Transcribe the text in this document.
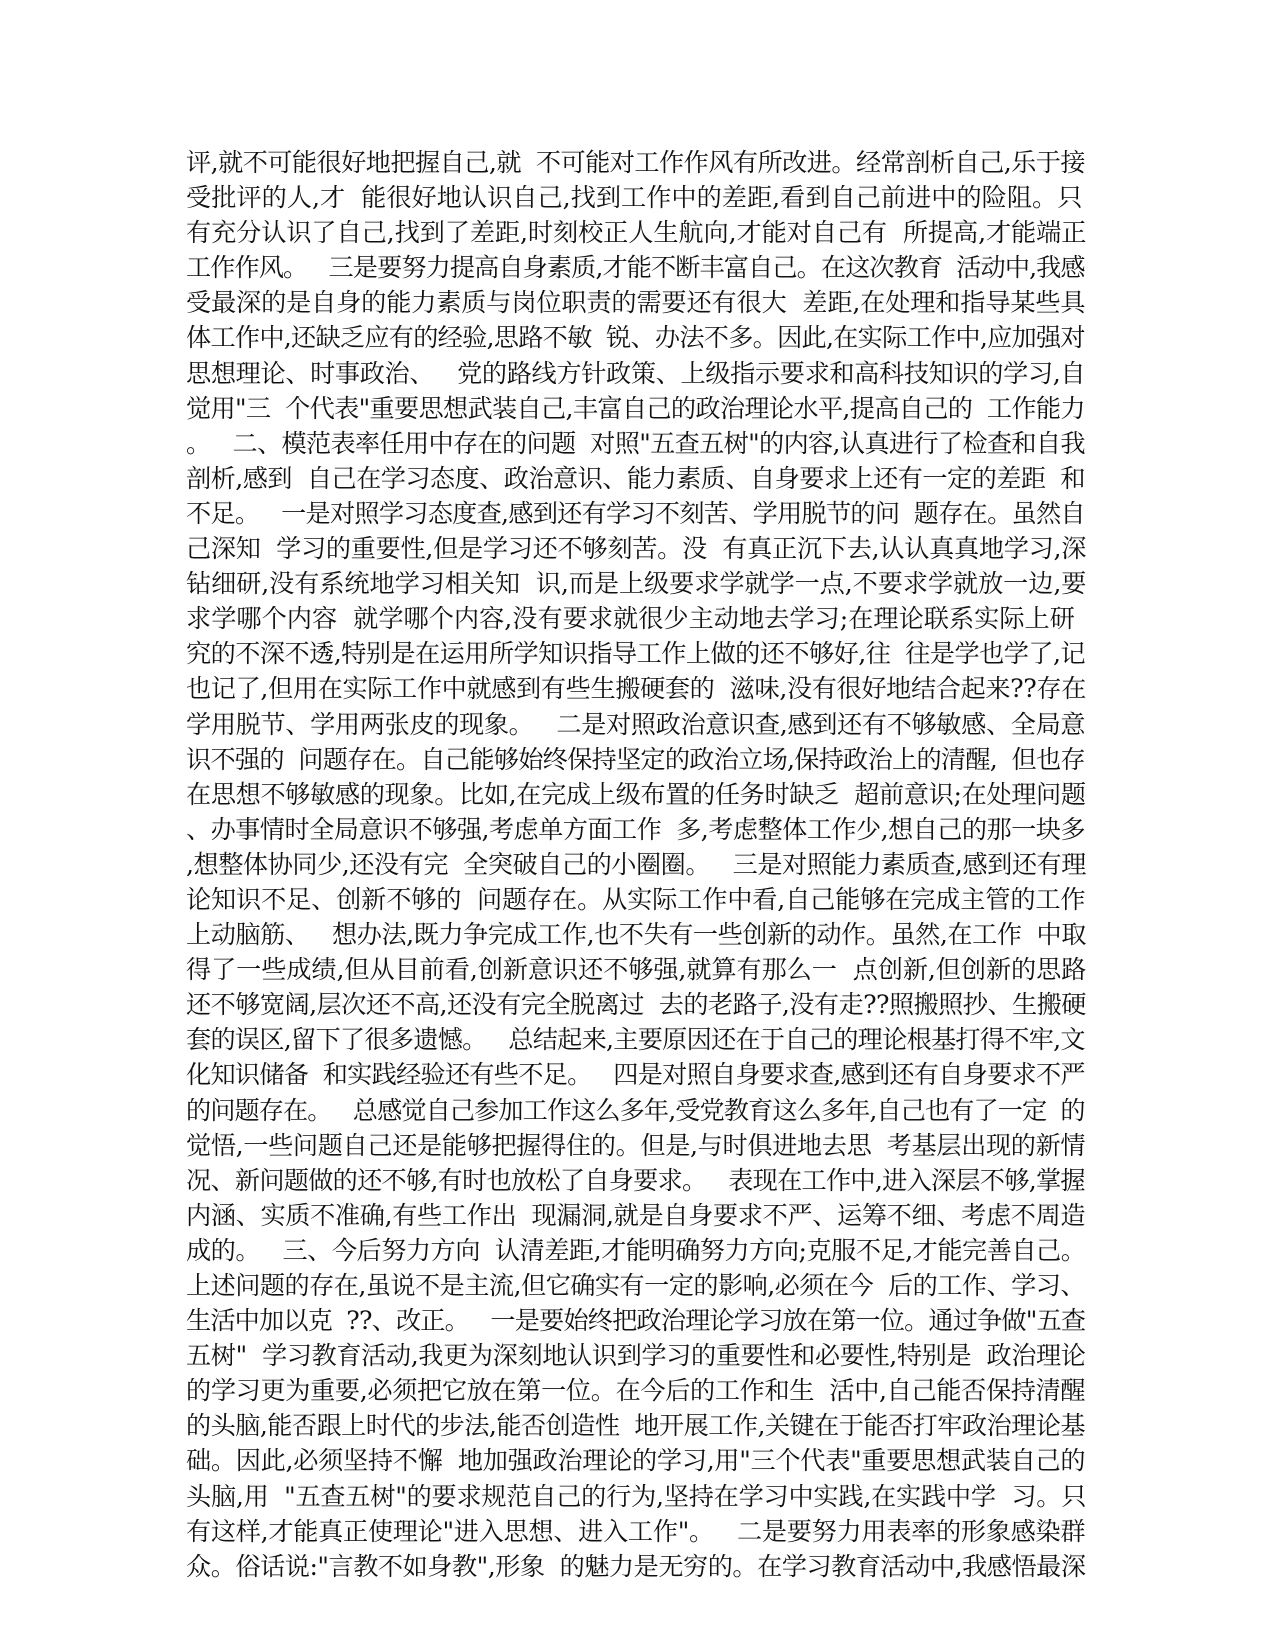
评,就不可能很好地把握自己,就  不可能对工作作风有所改进。经常剖析自己,乐于接
受批评的人,才  能很好地认识自己,找到工作中的差距,看到自己前进中的险阻。只
有充分认识了自己,找到了差距,时刻校正人生航向,才能对自己有  所提高,才能端正
工作作风。   三是要努力提高自身素质,才能不断丰富自己。在这次教育  活动中,我感
受最深的是自身的能力素质与岗位职责的需要还有很大  差距,在处理和指导某些具
体工作中,还缺乏应有的经验,思路不敏  锐、办法不多。因此,在实际工作中,应加强对
思想理论、时事政治、   党的路线方针政策、上级指示要求和高科技知识的学习,自
觉用"三  个代表"重要思想武装自己,丰富自己的政治理论水平,提高自己的  工作能力
。   二、模范表率任用中存在的问题  对照"五查五树"的内容,认真进行了检查和自我
剖析,感到  自己在学习态度、政治意识、能力素质、自身要求上还有一定的差距  和
不足。   一是对照学习态度查,感到还有学习不刻苦、学用脱节的问  题存在。虽然自
己深知  学习的重要性,但是学习还不够刻苦。没  有真正沉下去,认认真真地学习,深
钻细研,没有系统地学习相关知  识,而是上级要求学就学一点,不要求学就放一边,要
求学哪个内容  就学哪个内容,没有要求就很少主动地去学习;在理论联系实际上研
究的不深不透,特别是在运用所学知识指导工作上做的还不够好,往  往是学也学了,记
也记了,但用在实际工作中就感到有些生搬硬套的  滋味,没有很好地结合起来??存在
学用脱节、学用两张皮的现象。   二是对照政治意识查,感到还有不够敏感、全局意
识不强的  问题存在。自己能够始终保持坚定的政治立场,保持政治上的清醒,  但也存
在思想不够敏感的现象。比如,在完成上级布置的任务时缺乏  超前意识;在处理问题
、办事情时全局意识不够强,考虑单方面工作  多,考虑整体工作少,想自己的那一块多
,想整体协同少,还没有完  全突破自己的小圈圈。   三是对照能力素质查,感到还有理
论知识不足、创新不够的  问题存在。从实际工作中看,自己能够在完成主管的工作
上动脑筋、   想办法,既力争完成工作,也不失有一些创新的动作。虽然,在工作  中取
得了一些成绩,但从目前看,创新意识还不够强,就算有那么一  点创新,但创新的思路
还不够宽阔,层次还不高,还没有完全脱离过  去的老路子,没有走??照搬照抄、生搬硬
套的误区,留下了很多遗憾。   总结起来,主要原因还在于自己的理论根基打得不牢,文
化知识储备  和实践经验还有些不足。   四是对照自身要求查,感到还有自身要求不严
的问题存在。   总感觉自己参加工作这么多年,受党教育这么多年,自己也有了一定  的
觉悟,一些问题自己还是能够把握得住的。但是,与时俱进地去思  考基层出现的新情
况、新问题做的还不够,有时也放松了自身要求。   表现在工作中,进入深层不够,掌握
内涵、实质不准确,有些工作出  现漏洞,就是自身要求不严、运筹不细、考虑不周造
成的。   三、今后努力方向  认清差距,才能明确努力方向;克服不足,才能完善自己。
上述问题的存在,虽说不是主流,但它确实有一定的影响,必须在今  后的工作、学习、
生活中加以克  ??、改正。   一是要始终把政治理论学习放在第一位。通过争做"五查
五树"  学习教育活动,我更为深刻地认识到学习的重要性和必要性,特别是  政治理论
的学习更为重要,必须把它放在第一位。在今后的工作和生  活中,自己能否保持清醒
的头脑,能否跟上时代的步法,能否创造性  地开展工作,关键在于能否打牢政治理论基
础。因此,必须坚持不懈  地加强政治理论的学习,用"三个代表"重要思想武装自己的
头脑,用  "五查五树"的要求规范自己的行为,坚持在学习中实践,在实践中学  习。只
有这样,才能真正使理论"进入思想、进入工作"。   二是要努力用表率的形象感染群
众。俗话说:"言教不如身教",形象  的魅力是无穷的。在学习教育活动中,我感悟最深
